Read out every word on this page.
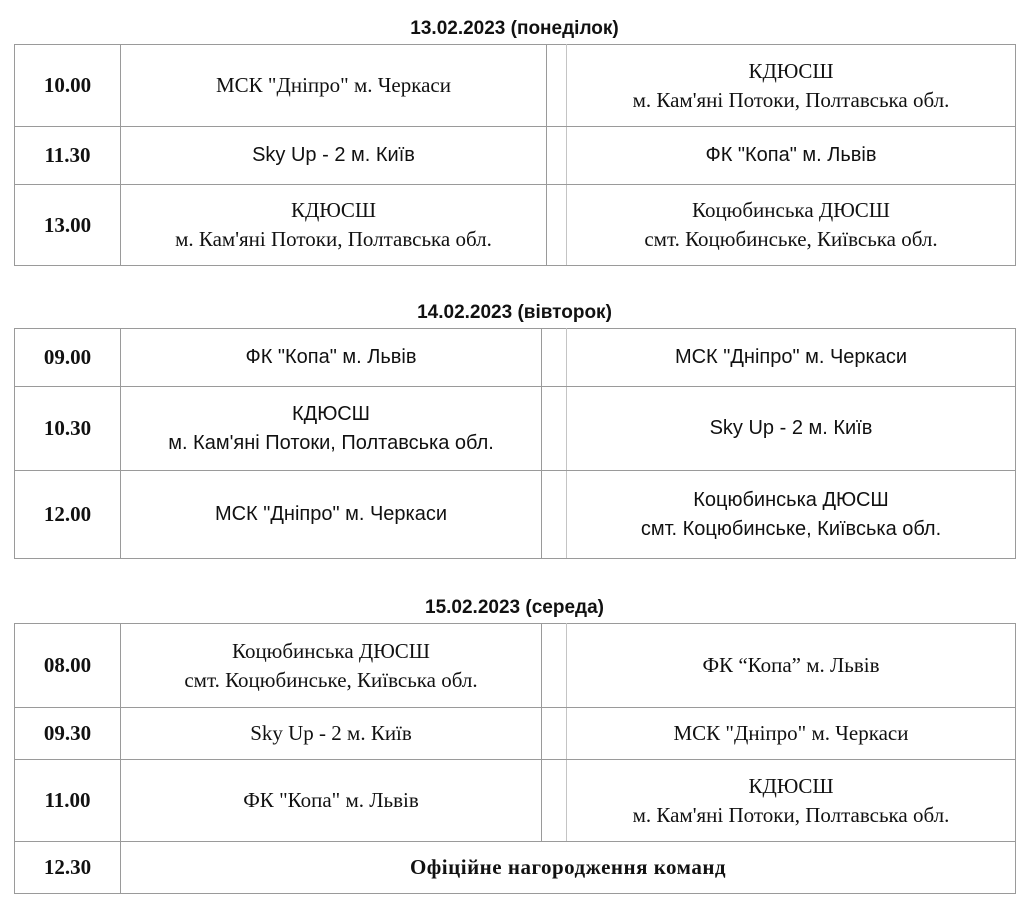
13.02.2023 (понеділок)
10.00	МСК "Дніпро" м. Черкаси		КДЮСШ
м. Кам'яні Потоки, Полтавська обл.

11.30	Sky Up - 2 м. Київ		ФК "Копа" м. Львів

13.00	КДЮСШ
м. Кам'яні Потоки, Полтавська обл.		Коцюбинська ДЮСШ
смт. Коцюбинське, Київська обл.
14.02.2023 (вівторок)
09.00	ФК "Копа" м. Львів		МСК "Дніпро" м. Черкаси

10.30	КДЮСШ
м. Кам'яні Потоки, Полтавська обл.		Sky Up - 2 м. Київ

12.00	МСК "Дніпро" м. Черкаси		Коцюбинська ДЮСШ
смт. Коцюбинське, Київська обл.
15.02.2023 (середа)
08.00	Коцюбинська ДЮСШ
смт. Коцюбинське, Київська обл.		ФК “Копа” м. Львів

09.30	Sky Up - 2 м. Київ		МСК "Дніпро" м. Черкаси

11.00	ФК "Копа" м. Львів		КДЮСШ
м. Кам'яні Потоки, Полтавська обл.

12.30	Офіційне нагородження команд		
